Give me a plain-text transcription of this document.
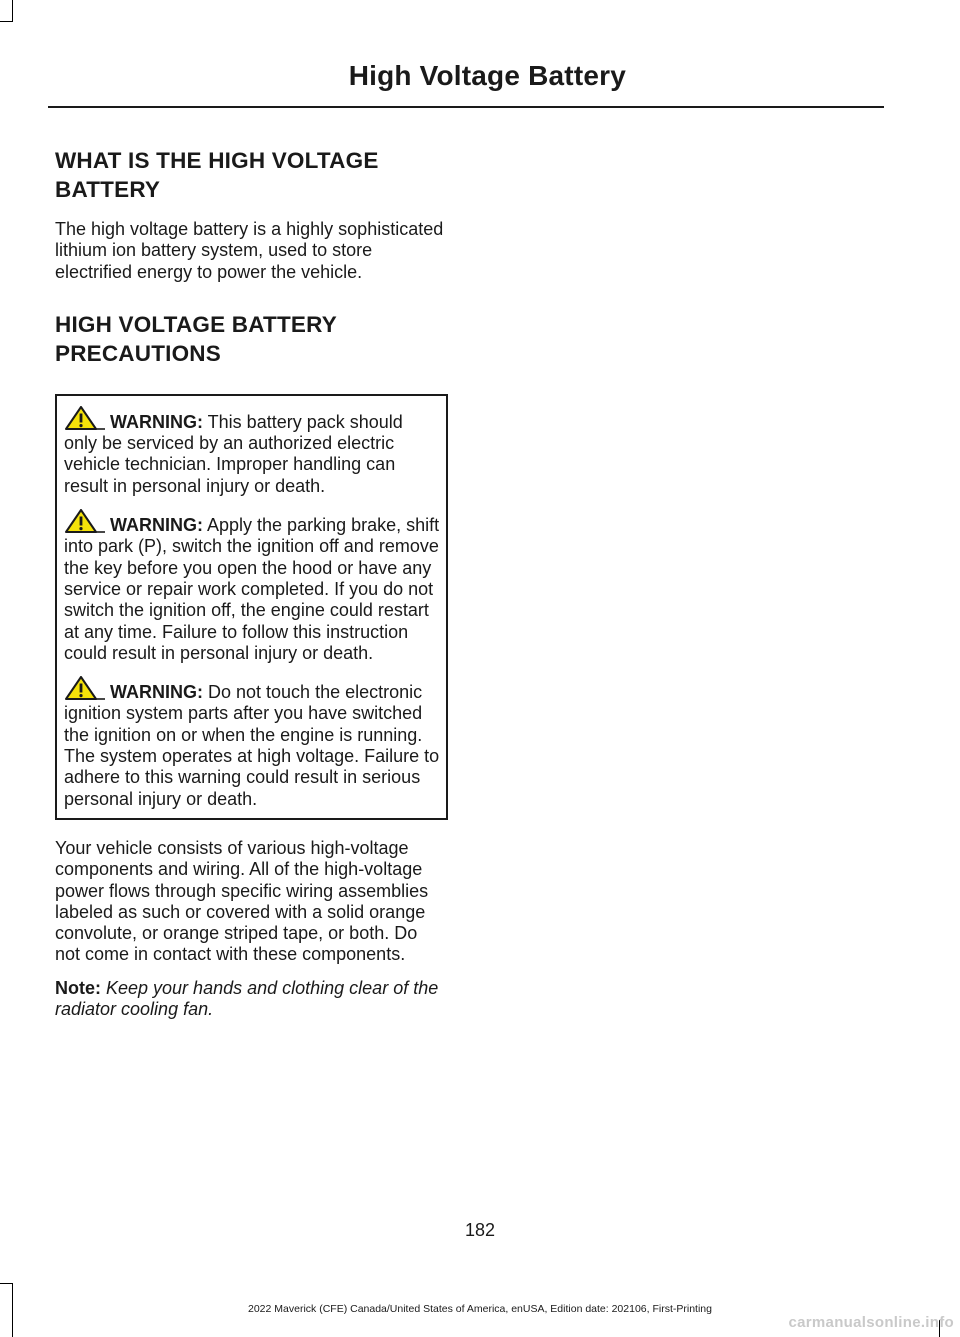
High Voltage Battery
WHAT IS THE HIGH VOLTAGE
BATTERY

The high voltage battery is a highly sophisticated lithium ion battery system, used to store electrified energy to power the vehicle.

HIGH VOLTAGE BATTERY
PRECAUTIONS

WARNING: This battery pack should only be serviced by an authorized electric vehicle technician. Improper handling can result in personal injury or death.

WARNING: Apply the parking brake, shift into park (P), switch the ignition off and remove the key before you open the hood or have any service or repair work completed. If you do not switch the ignition off, the engine could restart at any time. Failure to follow this instruction could result in personal injury or death.

WARNING: Do not touch the electronic ignition system parts after you have switched the ignition on or when the engine is running. The system operates at high voltage. Failure to adhere to this warning could result in serious personal injury or death.

Your vehicle consists of various high-voltage components and wiring. All of the high-voltage power flows through specific wiring assemblies labeled as such or covered with a solid orange convolute, or orange striped tape, or both. Do not come in contact with these components.

Note: Keep your hands and clothing clear of the radiator cooling fan.

182
2022 Maverick (CFE) Canada/United States of America, enUSA, Edition date: 202106, First-Printing
carmanualsonline.info
